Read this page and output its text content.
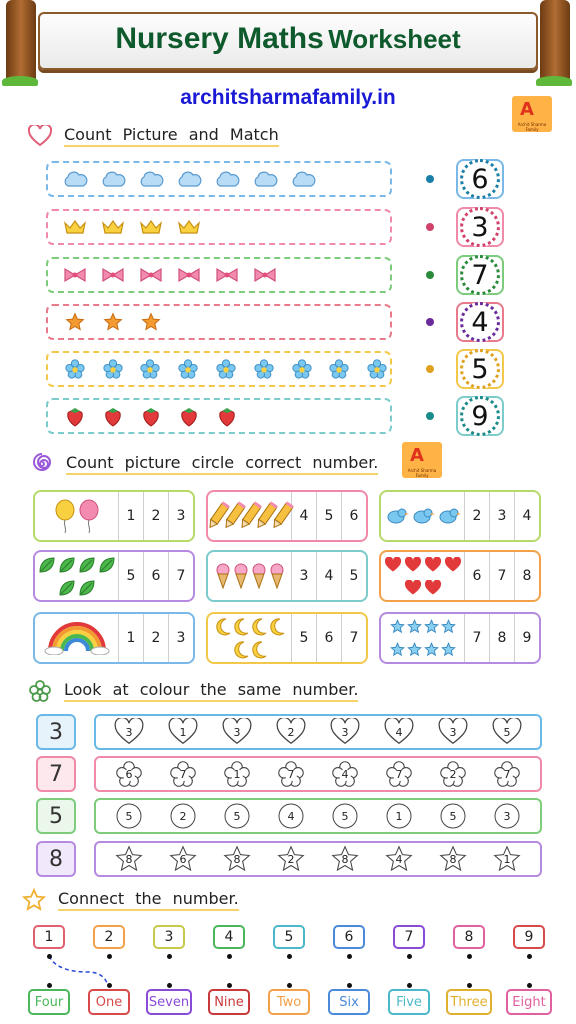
Nursery Maths Worksheet
architsharmafamily.in
A
Archit Sharma Family
A
Archit Sharma Family
Count Picture and Match
6
3
7
4
5
9
Count picture circle correct number.
1	2	3	4	5	6	2	3	4
5	6	7	3	4	5	6	7	8
1	2	3	5	6	7	7	8	9
Look at colour the same number.
3	3	1	3	2	3	4	3	5
7	6	7	1	7	4	7	2	7
5	5	2	5	4	5	1	5	3
8	8	6	8	2	8	4	8	1
Connect the number.
1	2	3	4	5	6	7	8	9
Four	One	Seven	Nine	Two	Six	Five	Three	Eight
